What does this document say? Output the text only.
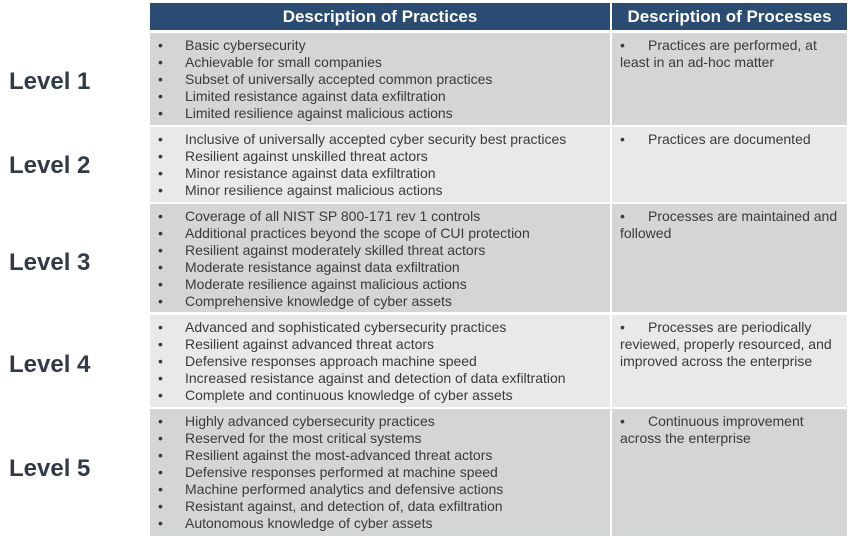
Description of Practices	Description of Processes
Level 1
• Basic cybersecurity
• Achievable for small companies
• Subset of universally accepted common practices
• Limited resistance against data exfiltration
• Limited resilience against malicious actions
• Practices are performed, at least in an ad-hoc matter
Level 2
• Inclusive of universally accepted cyber security best practices
• Resilient against unskilled threat actors
• Minor resistance against data exfiltration
• Minor resilience against malicious actions
• Practices are documented
Level 3
• Coverage of all NIST SP 800-171 rev 1 controls
• Additional practices beyond the scope of CUI protection
• Resilient against moderately skilled threat actors
• Moderate resistance against data exfiltration
• Moderate resilience against malicious actions
• Comprehensive knowledge of cyber assets
• Processes are maintained and followed
Level 4
• Advanced and sophisticated cybersecurity practices
• Resilient against advanced threat actors
• Defensive responses approach machine speed
• Increased resistance against and detection of data exfiltration
• Complete and continuous knowledge of cyber assets
• Processes are periodically reviewed, properly resourced, and improved across the enterprise
Level 5
• Highly advanced cybersecurity practices
• Reserved for the most critical systems
• Resilient against the most-advanced threat actors
• Defensive responses performed at machine speed
• Machine performed analytics and defensive actions
• Resistant against, and detection of, data exfiltration
• Autonomous knowledge of cyber assets
• Continuous improvement across the enterprise
